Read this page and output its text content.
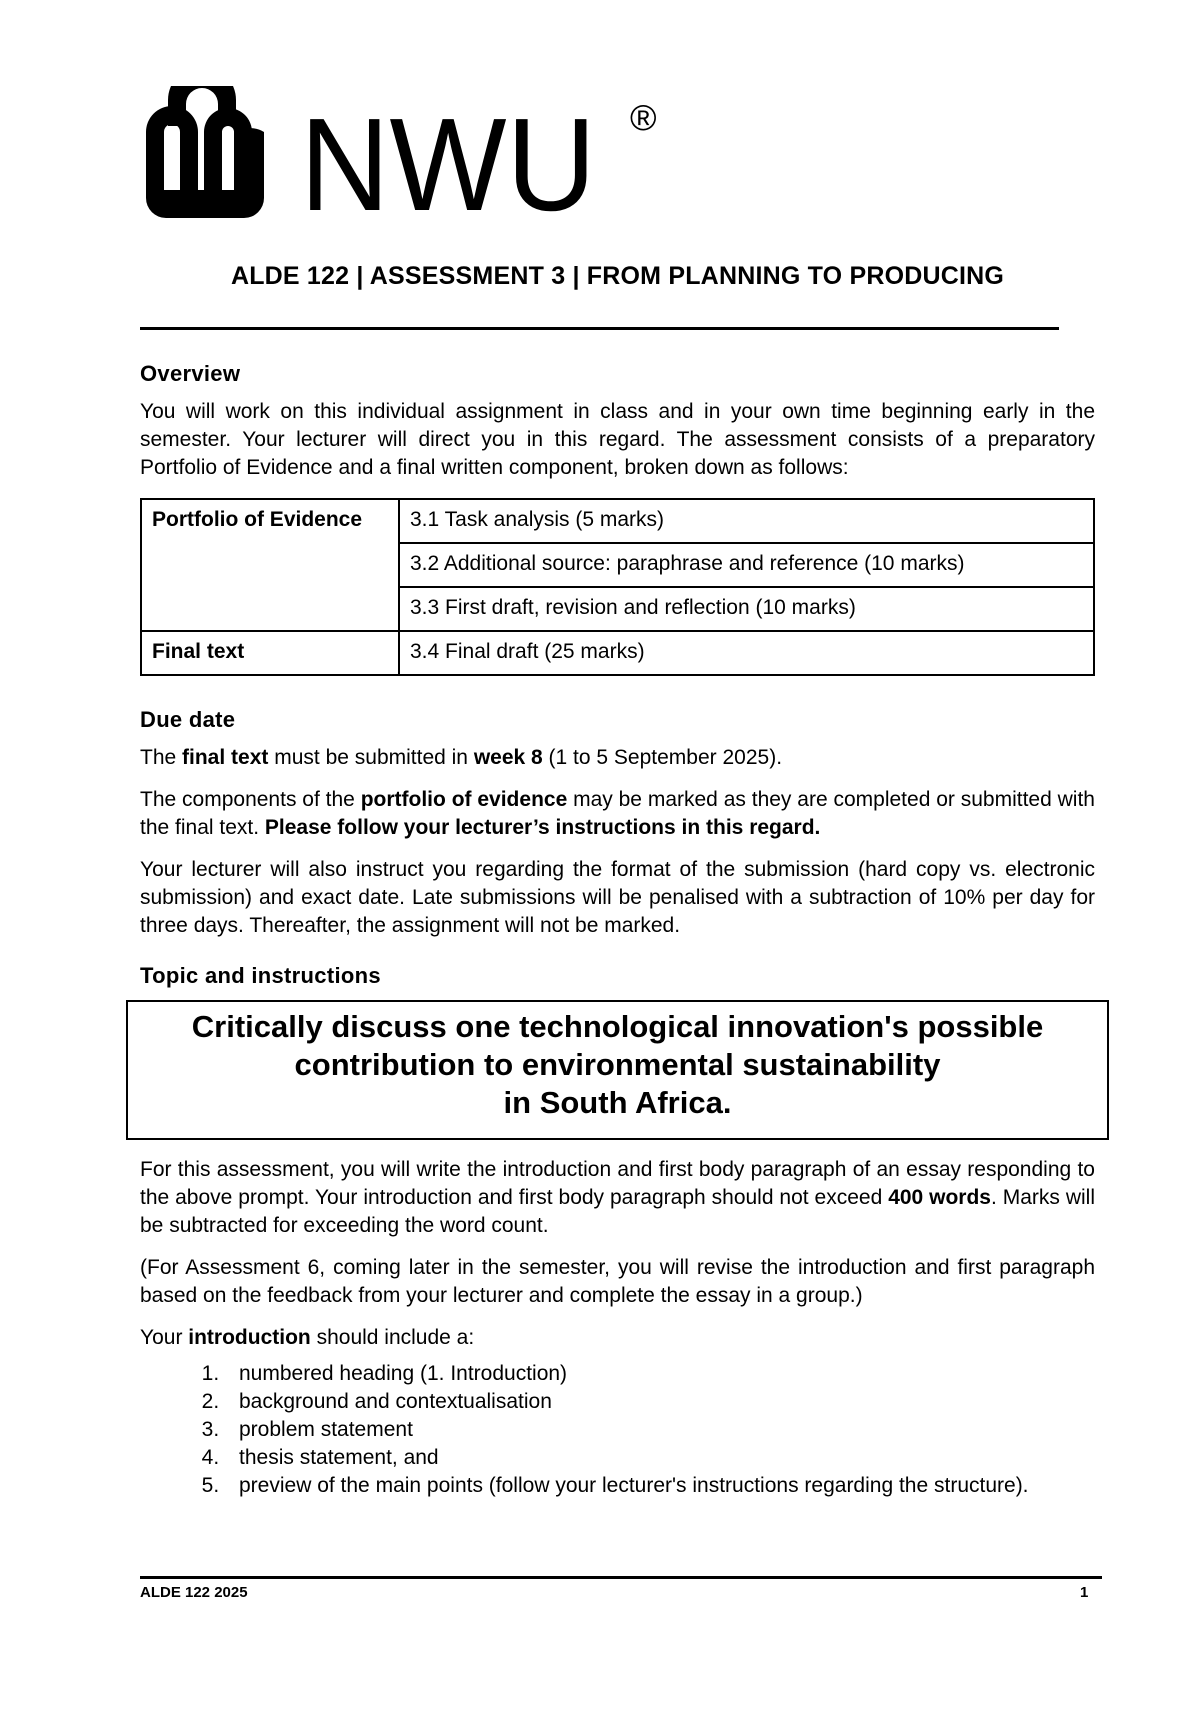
NWU ®
ALDE 122 | ASSESSMENT 3 | FROM PLANNING TO PRODUCING
Overview

You will work on this individual assignment in class and in your own time beginning early in the semester. Your lecturer will direct you in this regard. The assessment consists of a preparatory Portfolio of Evidence and a final written component, broken down as follows:

Portfolio of Evidence	3.1 Task analysis (5 marks)
	3.2 Additional source: paraphrase and reference (10 marks)
	3.3 First draft, revision and reflection (10 marks)
Final text	3.4 Final draft (25 marks)
Due date

The final text must be submitted in week 8 (1 to 5 September 2025).

The components of the portfolio of evidence may be marked as they are completed or submitted with the final text. Please follow your lecturer’s instructions in this regard.

Your lecturer will also instruct you regarding the format of the submission (hard copy vs. electronic submission) and exact date. Late submissions will be penalised with a subtraction of 10% per day for three days. Thereafter, the assignment will not be marked.

Topic and instructions
Critically discuss one technological innovation's possible
contribution to environmental sustainability
in South Africa.

For this assessment, you will write the introduction and first body paragraph of an essay responding to the above prompt. Your introduction and first body paragraph should not exceed 400 words. Marks will be subtracted for exceeding the word count.

(For Assessment 6, coming later in the semester, you will revise the introduction and first paragraph based on the feedback from your lecturer and complete the essay in a group.)

Your introduction should include a:

1. numbered heading (1. Introduction)
2. background and contextualisation
3. problem statement
4. thesis statement, and
5. preview of the main points (follow your lecturer's instructions regarding the structure).
ALDE 122 2025	1
